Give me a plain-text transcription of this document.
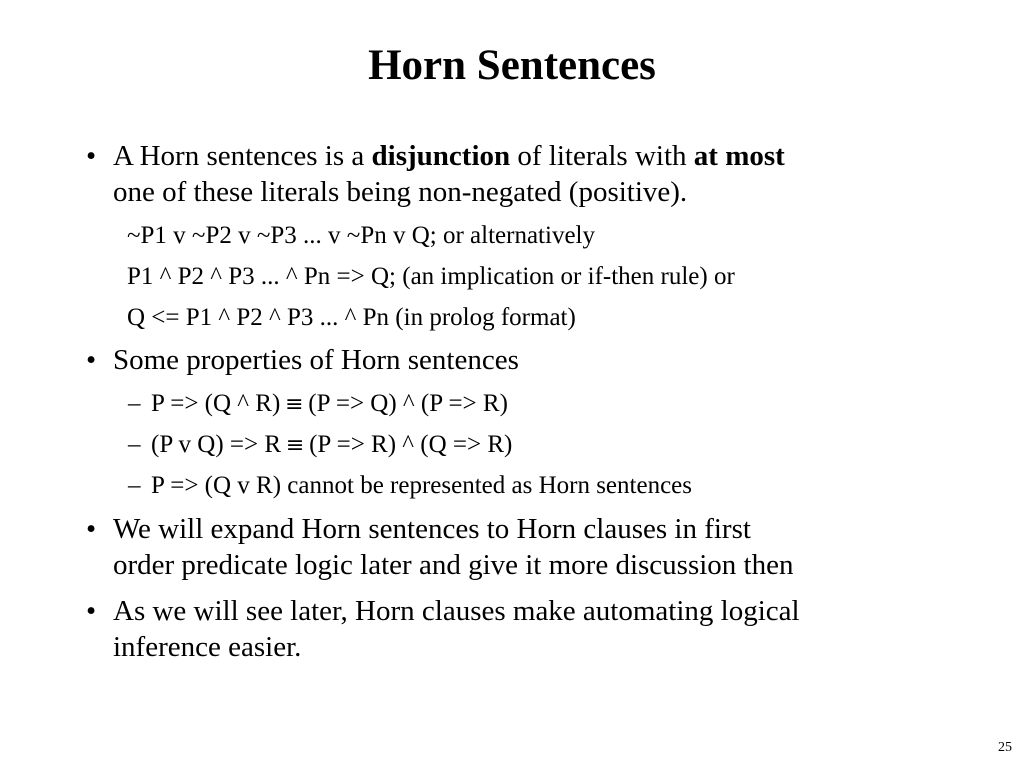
Horn Sentences
• A Horn sentences is a disjunction of literals with at most
one of these literals being non-negated (positive).
~P1 v ~P2 v ~P3 ... v ~Pn v Q; or alternatively
P1 ^ P2 ^ P3 ... ^ Pn => Q; (an implication or if-then rule) or
Q <= P1 ^ P2 ^ P3 ... ^ Pn (in prolog format)
• Some properties of Horn sentences
– P => (Q ^ R) ≡ (P => Q) ^ (P => R)
– (P v Q) => R ≡ (P => R) ^ (Q => R)
– P => (Q v R) cannot be represented as Horn sentences
• We will expand Horn sentences to Horn clauses in first
order predicate logic later and give it more discussion then
• As we will see later, Horn clauses make automating logical
inference easier.
25
